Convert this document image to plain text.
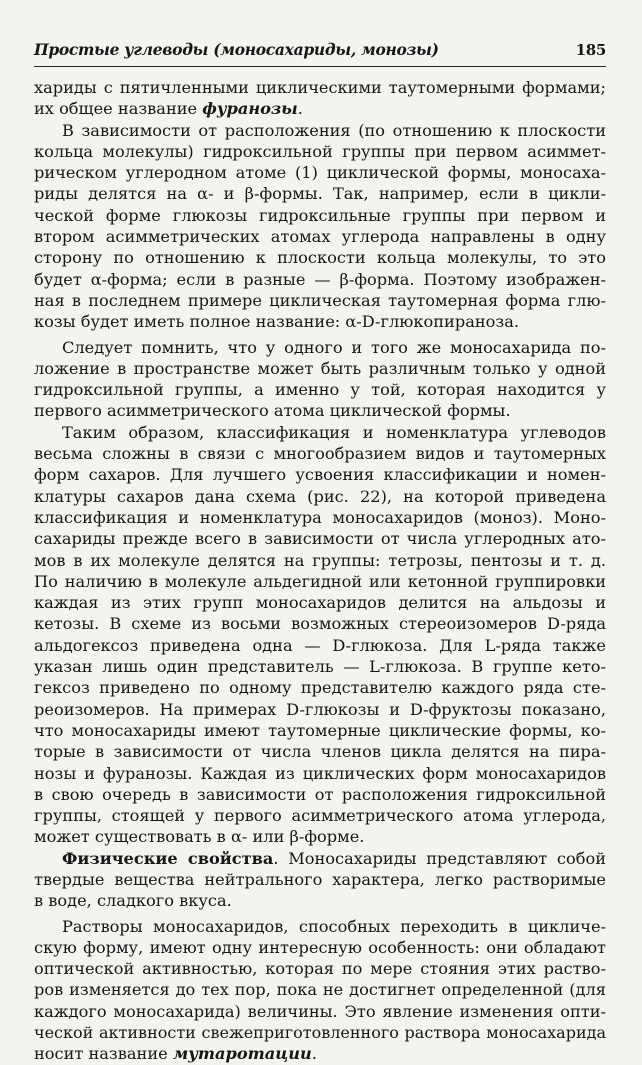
Простые углеводы (моносахариды, монозы)	185
хариды с пятичленными циклическими таутомерными формами;
их общее название фуранозы.
В зависимости от расположения (по отношению к плоскости
кольца молекулы) гидроксильной группы при первом асиммет-
рическом углеродном атоме (1) циклической формы, моносаха-
риды делятся на α- и β-формы. Так, например, если в цикли-
ческой форме глюкозы гидроксильные группы при первом и
втором асимметрических атомах углерода направлены в одну
сторону по отношению к плоскости кольца молекулы, то это
будет α-форма; если в разные — β-форма. Поэтому изображен-
ная в последнем примере циклическая таутомерная форма глю-
козы будет иметь полное название: α-D-глюкопираноза.
Следует помнить, что у одного и того же моносахарида по-
ложение в пространстве может быть различным только у одной
гидроксильной группы, а именно у той, которая находится у
первого асимметрического атома циклической формы.
Таким образом, классификация и номенклатура углеводов
весьма сложны в связи с многообразием видов и таутомерных
форм сахаров. Для лучшего усвоения классификации и номен-
клатуры сахаров дана схема (рис. 22), на которой приведена
классификация и номенклатура моносахаридов (моноз). Моно-
сахариды прежде всего в зависимости от числа углеродных ато-
мов в их молекуле делятся на группы: тетрозы, пентозы и т. д.
По наличию в молекуле альдегидной или кетонной группировки
каждая из этих групп моносахаридов делится на альдозы и
кетозы. В схеме из восьми возможных стереоизомеров D-ряда
альдогексоз приведена одна — D-глюкоза. Для L-ряда также
указан лишь один представитель — L-глюкоза. В группе кето-
гексоз приведено по одному представителю каждого ряда сте-
реоизомеров. На примерах D-глюкозы и D-фруктозы показано,
что моносахариды имеют таутомерные циклические формы, ко-
торые в зависимости от числа членов цикла делятся на пира-
нозы и фуранозы. Каждая из циклических форм моносахаридов
в свою очередь в зависимости от расположения гидроксильной
группы, стоящей у первого асимметрического атома углерода,
может существовать в α- или β-форме.
Физические свойства. Моносахариды представляют собой
твердые вещества нейтрального характера, легко растворимые
в воде, сладкого вкуса.
Растворы моносахаридов, способных переходить в цикличе-
скую форму, имеют одну интересную особенность: они обладают
оптической активностью, которая по мере стояния этих раство-
ров изменяется до тех пор, пока не достигнет определенной (для
каждого моносахарида) величины. Это явление изменения опти-
ческой активности свежеприготовленного раствора моносахарида
носит название мутаротации.
